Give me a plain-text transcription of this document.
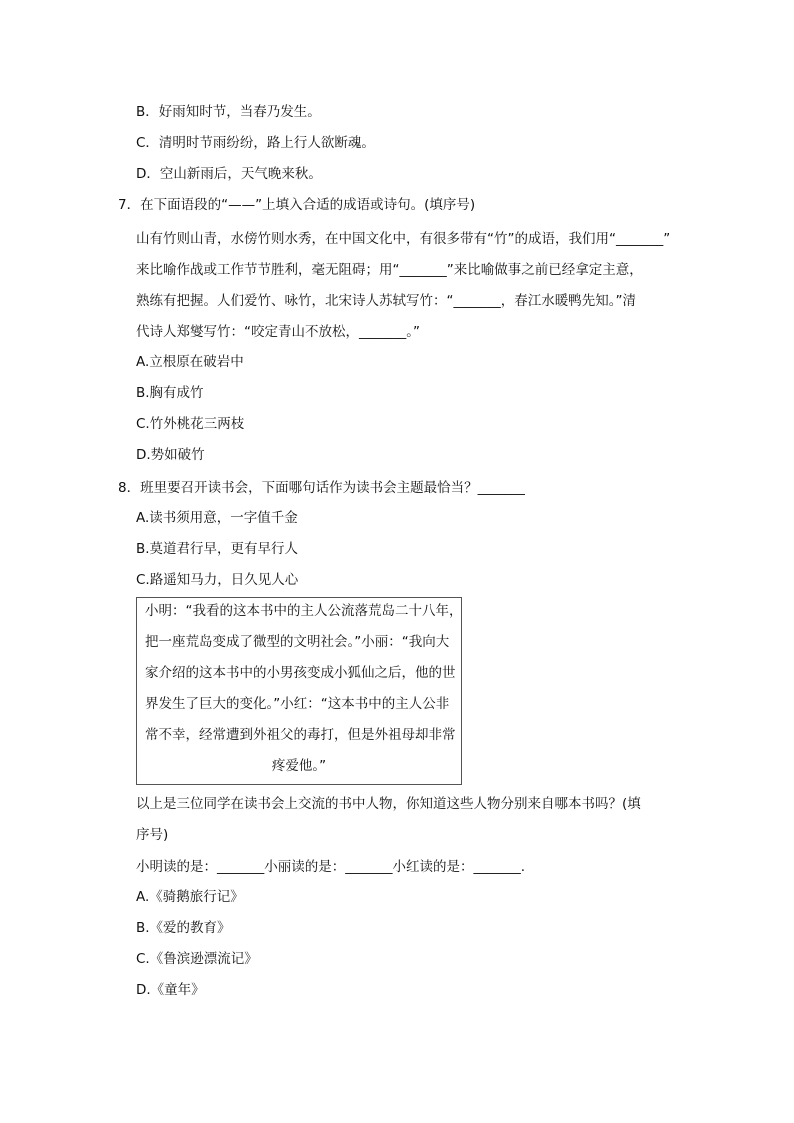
B．好雨知时节，当春乃发生。
C．清明时节雨纷纷，路上行人欲断魂。
D．空山新雨后，天气晚来秋。
7．在下面语段的“——”上填入合适的成语或诗句。(填序号)
山有竹则山青，水傍竹则水秀，在中国文化中，有很多带有“竹”的成语，我们用“_______”
来比喻作战或工作节节胜利，毫无阻碍；用“_______”来比喻做事之前已经拿定主意，
熟练有把握。人们爱竹、咏竹，北宋诗人苏轼写竹：“_______，春江水暖鸭先知。”清
代诗人郑燮写竹：“咬定青山不放松，_______。”
A.立根原在破岩中
B.胸有成竹
C.竹外桃花三两枝
D.势如破竹
8．班里要召开读书会，下面哪句话作为读书会主题最恰当？_______
A.读书须用意，一字值千金
B.莫道君行早，更有早行人
C.路遥知马力，日久见人心
小明：“我看的这本书中的主人公流落荒岛二十八年，
把一座荒岛变成了微型的文明社会。”小丽：“我向大
家介绍的这本书中的小男孩变成小狐仙之后，他的世
界发生了巨大的变化。”小红：“这本书中的主人公非
常不幸，经常遭到外祖父的毒打，但是外祖母却非常
疼爱他。”
以上是三位同学在读书会上交流的书中人物，你知道这些人物分别来自哪本书吗？(填
序号)
小明读的是：_______小丽读的是：_______小红读的是：_______.
A.《骑鹅旅行记》
B.《爱的教育》
C.《鲁滨逊漂流记》
D.《童年》
